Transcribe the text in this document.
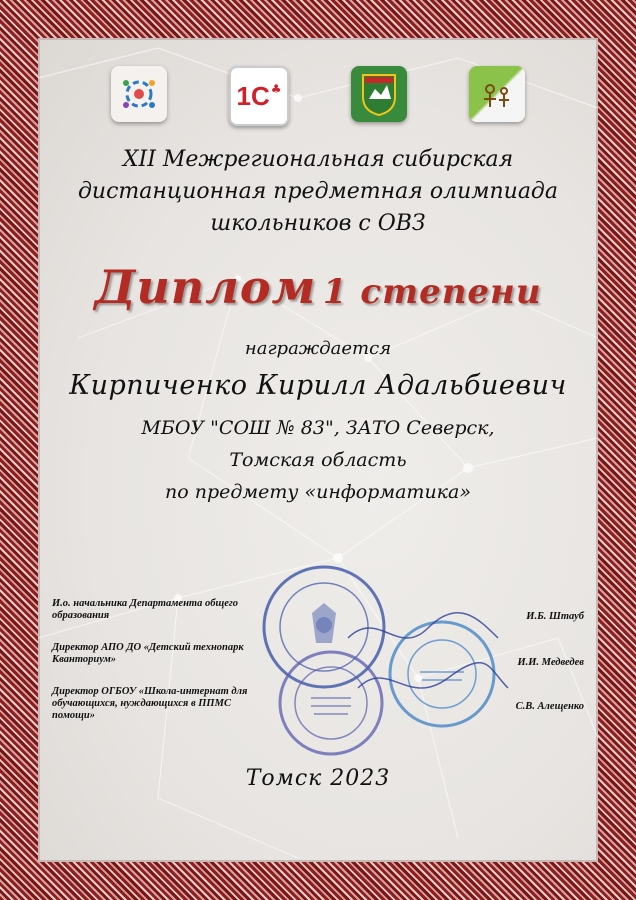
1С ♣
XII Межрегиональная сибирская
дистанционная предметная олимпиада
школьников с ОВЗ
Диплом 1 степени
награждается
Кирпиченко Кирилл Адальбиевич
МБОУ "СОШ № 83", ЗАТО Северск,
Томская область
по предмету «информатика»
И.о. начальника Департамента общего образования	И.Б. Штауб
Директор АПО ДО «Детский технопарк Кванториум»	И.И. Медведев
Директор ОГБОУ «Школа-интернат для обучающихся, нуждающихся в ППМС помощи»
С.В. Алещенко
Томск 2023
